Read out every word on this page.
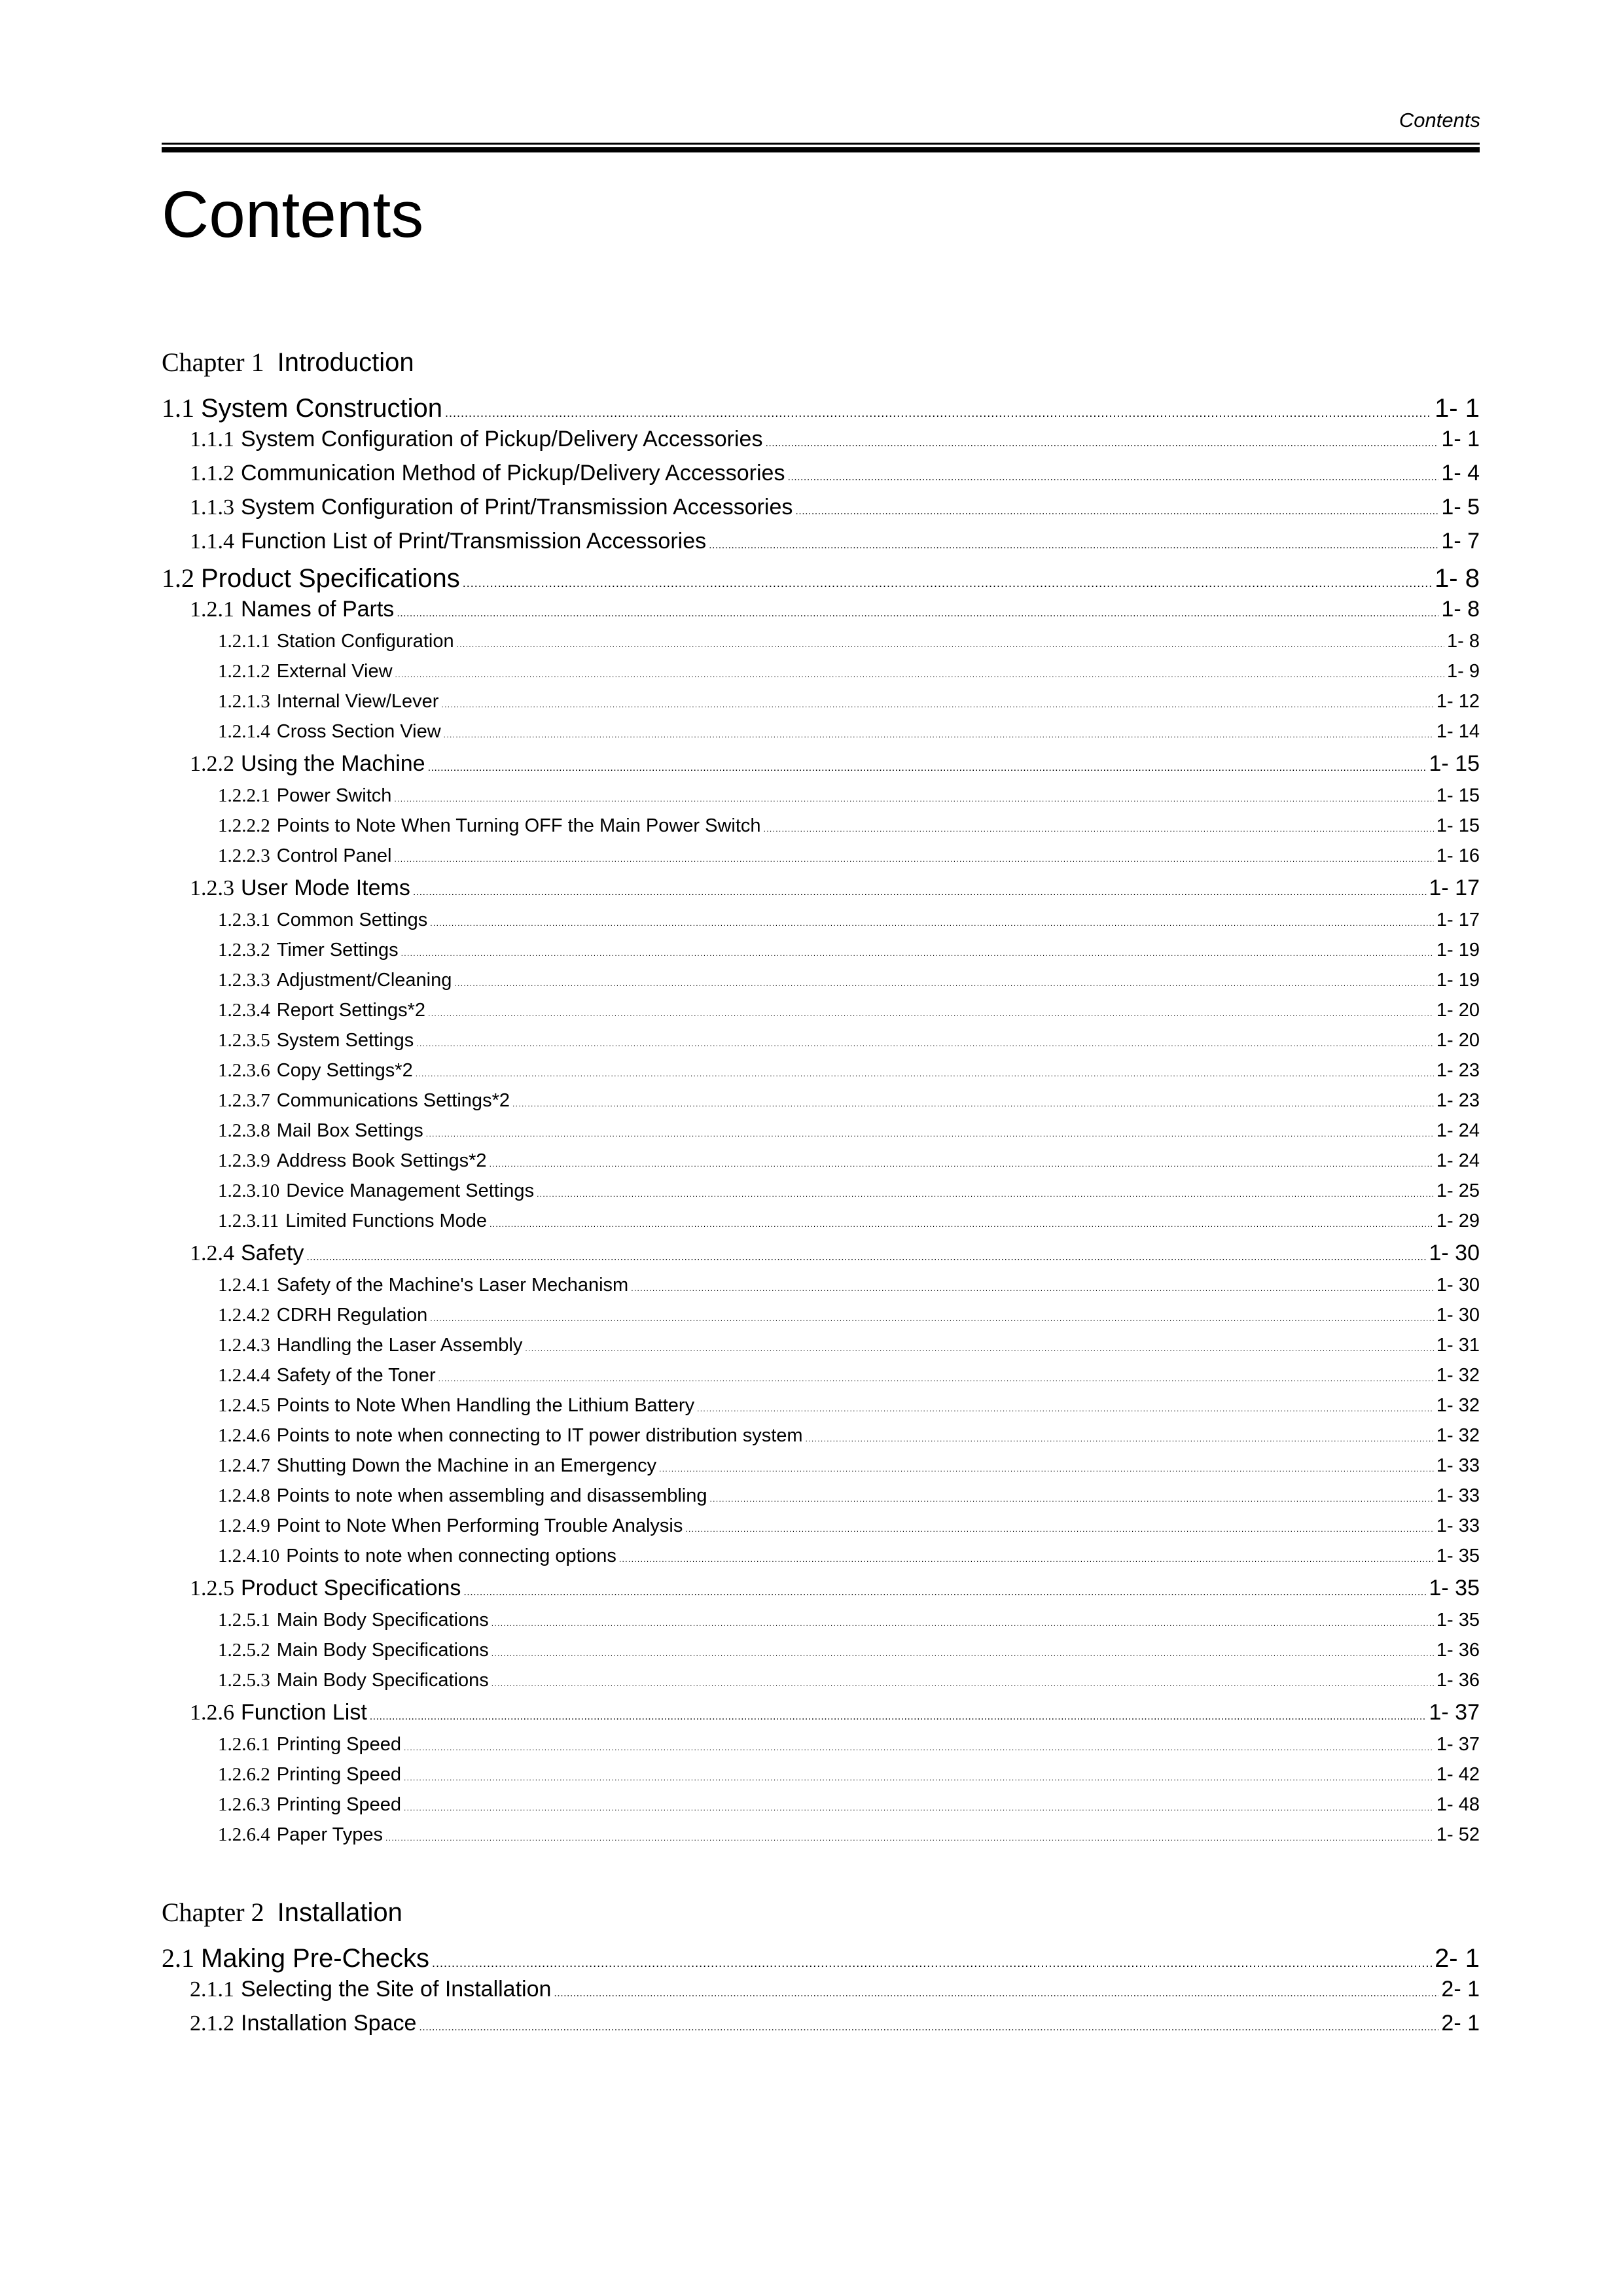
Contents
Contents
Chapter 1 Introduction
1.1 System Construction . . .	1- 1
1.1.1 System Configuration of Pickup/Delivery Accessories . . .	1- 1
1.1.2 Communication Method of Pickup/Delivery Accessories . . .	1- 4
1.1.3 System Configuration of Print/Transmission Accessories . . .	1- 5
1.1.4 Function List of Print/Transmission Accessories . . .	1- 7
1.2 Product Specifications . . .	1- 8
1.2.1 Names of Parts . . .	1- 8
1.2.1.1 Station Configuration . . .	1- 8
1.2.1.2 External View . . .	1- 9
1.2.1.3 Internal View/Lever . . .	1- 12
1.2.1.4 Cross Section View . . .	1- 14
1.2.2 Using the Machine . . .	1- 15
1.2.2.1 Power Switch . . .	1- 15
1.2.2.2 Points to Note When Turning OFF the Main Power Switch . . .	1- 15
1.2.2.3 Control Panel . . .	1- 16
1.2.3 User Mode Items . . .	1- 17
1.2.3.1 Common Settings . . .	1- 17
1.2.3.2 Timer Settings . . .	1- 19
1.2.3.3 Adjustment/Cleaning . . .	1- 19
1.2.3.4 Report Settings*2 . . .	1- 20
1.2.3.5 System Settings . . .	1- 20
1.2.3.6 Copy Settings*2 . . .	1- 23
1.2.3.7 Communications Settings*2 . . .	1- 23
1.2.3.8 Mail Box Settings . . .	1- 24
1.2.3.9 Address Book Settings*2 . . .	1- 24
1.2.3.10 Device Management Settings . . .	1- 25
1.2.3.11 Limited Functions Mode . . .	1- 29
1.2.4 Safety . . .	1- 30
1.2.4.1 Safety of the Machine's Laser Mechanism . . .	1- 30
1.2.4.2 CDRH Regulation . . .	1- 30
1.2.4.3 Handling the Laser Assembly . . .	1- 31
1.2.4.4 Safety of the Toner . . .	1- 32
1.2.4.5 Points to Note When Handling the Lithium Battery . . .	1- 32
1.2.4.6 Points to note when connecting to IT power distribution system . . .	1- 32
1.2.4.7 Shutting Down the Machine in an Emergency . . .	1- 33
1.2.4.8 Points to note when assembling and disassembling . . .	1- 33
1.2.4.9 Point to Note When Performing Trouble Analysis . . .	1- 33
1.2.4.10 Points to note when connecting options . . .	1- 35
1.2.5 Product Specifications . . .	1- 35
1.2.5.1 Main Body Specifications . . .	1- 35
1.2.5.2 Main Body Specifications . . .	1- 36
1.2.5.3 Main Body Specifications . . .	1- 36
1.2.6 Function List . . .	1- 37
1.2.6.1 Printing Speed . . .	1- 37
1.2.6.2 Printing Speed . . .	1- 42
1.2.6.3 Printing Speed . . .	1- 48
1.2.6.4 Paper Types . . .	1- 52
Chapter 2 Installation
2.1 Making Pre-Checks . . .	2- 1
2.1.1 Selecting the Site of Installation . . .	2- 1
2.1.2 Installation Space . . .	2- 1
